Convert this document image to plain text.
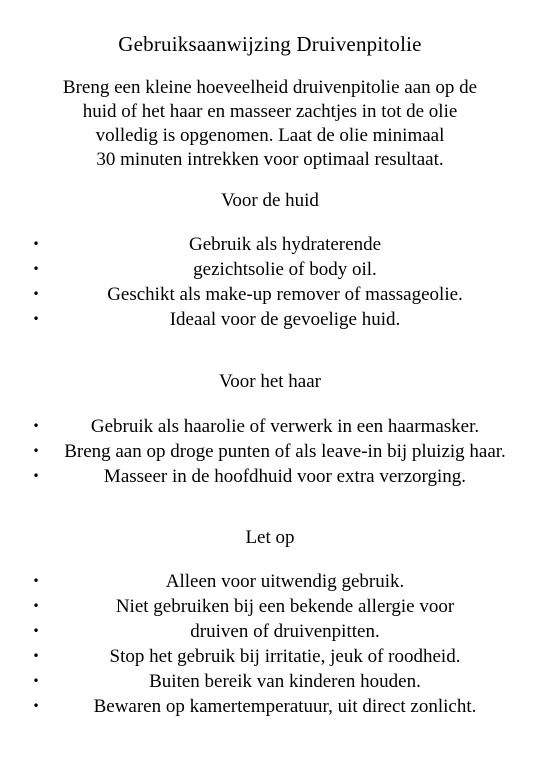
Gebruiksaanwijzing Druivenpitolie
Breng een kleine hoeveelheid druivenpitolie aan op de
huid of het haar en masseer zachtjes in tot de olie
volledig is opgenomen. Laat de olie minimaal
30 minuten intrekken voor optimaal resultaat.
Voor de huid
•	Gebruik als hydraterende
•	gezichtsolie of body oil.
•	Geschikt als make-up remover of massageolie.
•	Ideaal voor de gevoelige huid.
Voor het haar
•	Gebruik als haarolie of verwerk in een haarmasker.
• Breng aan op droge punten of als leave-in bij pluizig haar.
•	Masseer in de hoofdhuid voor extra verzorging.
Let op
•	Alleen voor uitwendig gebruik.
•	Niet gebruiken bij een bekende allergie voor
•	druiven of druivenpitten.
•	Stop het gebruik bij irritatie, jeuk of roodheid.
•	Buiten bereik van kinderen houden.
•	Bewaren op kamertemperatuur, uit direct zonlicht.
